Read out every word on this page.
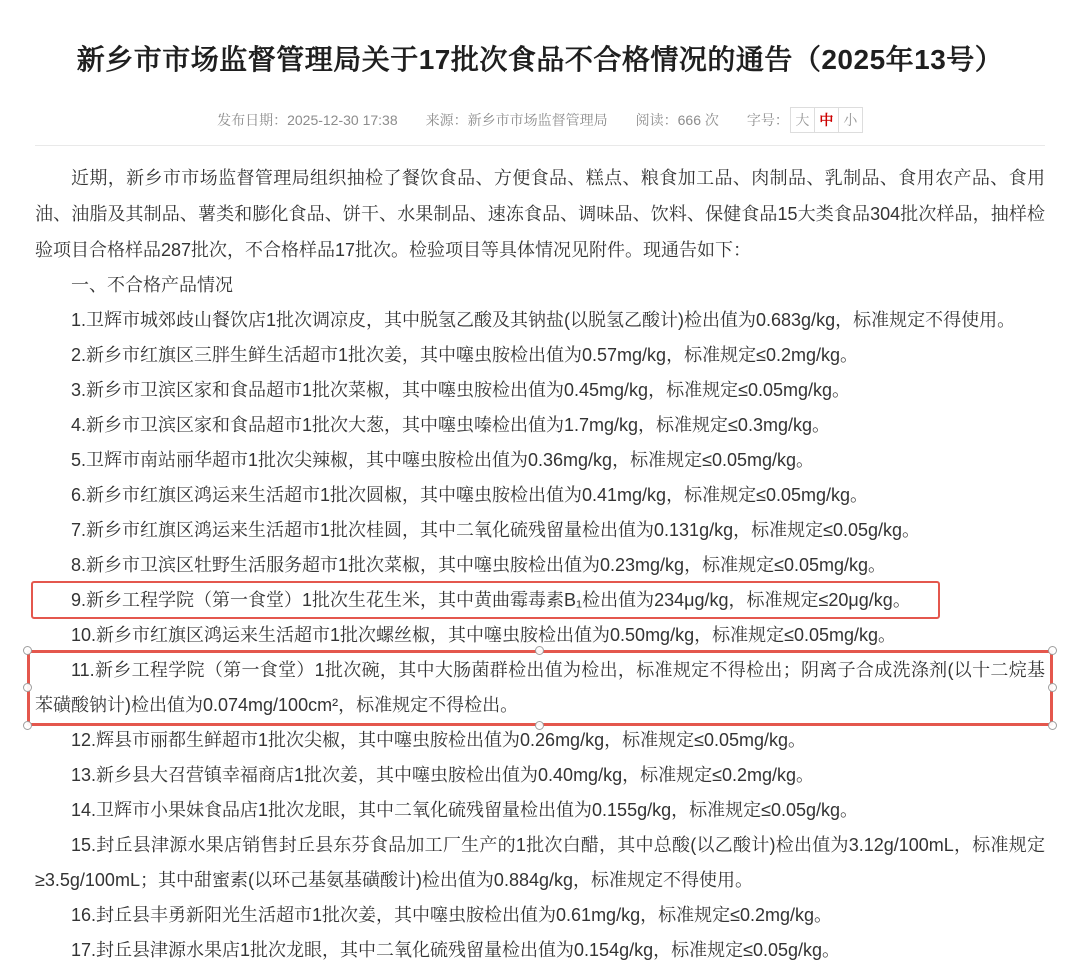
新乡市市场监督管理局关于17批次食品不合格情况的通告（2025年13号）
发布日期： 2025-12-30 17:38 来源： 新乡市市场监督管理局 阅读： 666 次 字号： 大 中 小

近期，新乡市市场监督管理局组织抽检了餐饮食品、方便食品、糕点、粮食加工品、肉制品、乳制品、食用农产品、食用油、油脂及其制品、薯类和膨化食品、饼干、水果制品、速冻食品、调味品、饮料、保健食品15大类食品304批次样品，抽样检验项目合格样品287批次，不合格样品17批次。检验项目等具体情况见附件。现通告如下：

一、不合格产品情况

1.卫辉市城郊歧山餐饮店1批次调凉皮，其中脱氢乙酸及其钠盐(以脱氢乙酸计)检出值为0.683g/kg，标准规定不得使用。
2.新乡市红旗区三胖生鲜生活超市1批次姜，其中噻虫胺检出值为0.57mg/kg，标准规定≤0.2mg/kg。
3.新乡市卫滨区家和食品超市1批次菜椒，其中噻虫胺检出值为0.45mg/kg，标准规定≤0.05mg/kg。
4.新乡市卫滨区家和食品超市1批次大葱，其中噻虫嗪检出值为1.7mg/kg，标准规定≤0.3mg/kg。
5.卫辉市南站丽华超市1批次尖辣椒，其中噻虫胺检出值为0.36mg/kg，标准规定≤0.05mg/kg。
6.新乡市红旗区鸿运来生活超市1批次圆椒，其中噻虫胺检出值为0.41mg/kg，标准规定≤0.05mg/kg。
7.新乡市红旗区鸿运来生活超市1批次桂圆，其中二氧化硫残留量检出值为0.131g/kg，标准规定≤0.05g/kg。
8.新乡市卫滨区牡野生活服务超市1批次菜椒，其中噻虫胺检出值为0.23mg/kg，标准规定≤0.05mg/kg。
9.新乡工程学院（第一食堂）1批次生花生米，其中黄曲霉毒素B₁检出值为234μg/kg，标准规定≤20μg/kg。
10.新乡市红旗区鸿运来生活超市1批次螺丝椒，其中噻虫胺检出值为0.50mg/kg，标准规定≤0.05mg/kg。
11.新乡工程学院（第一食堂）1批次碗，其中大肠菌群检出值为检出，标准规定不得检出；阴离子合成洗涤剂(以十二烷基苯磺酸钠计)检出值为0.074mg/100cm²，标准规定不得检出。
12.辉县市丽都生鲜超市1批次尖椒，其中噻虫胺检出值为0.26mg/kg，标准规定≤0.05mg/kg。
13.新乡县大召营镇幸福商店1批次姜，其中噻虫胺检出值为0.40mg/kg，标准规定≤0.2mg/kg。
14.卫辉市小果妹食品店1批次龙眼，其中二氧化硫残留量检出值为0.155g/kg，标准规定≤0.05g/kg。
15.封丘县津源水果店销售封丘县东芬食品加工厂生产的1批次白醋，其中总酸(以乙酸计)检出值为3.12g/100mL，标准规定≥3.5g/100mL；其中甜蜜素(以环己基氨基磺酸计)检出值为0.884g/kg，标准规定不得使用。
16.封丘县丰勇新阳光生活超市1批次姜，其中噻虫胺检出值为0.61mg/kg，标准规定≤0.2mg/kg。
17.封丘县津源水果店1批次龙眼，其中二氧化硫残留量检出值为0.154g/kg，标准规定≤0.05g/kg。
